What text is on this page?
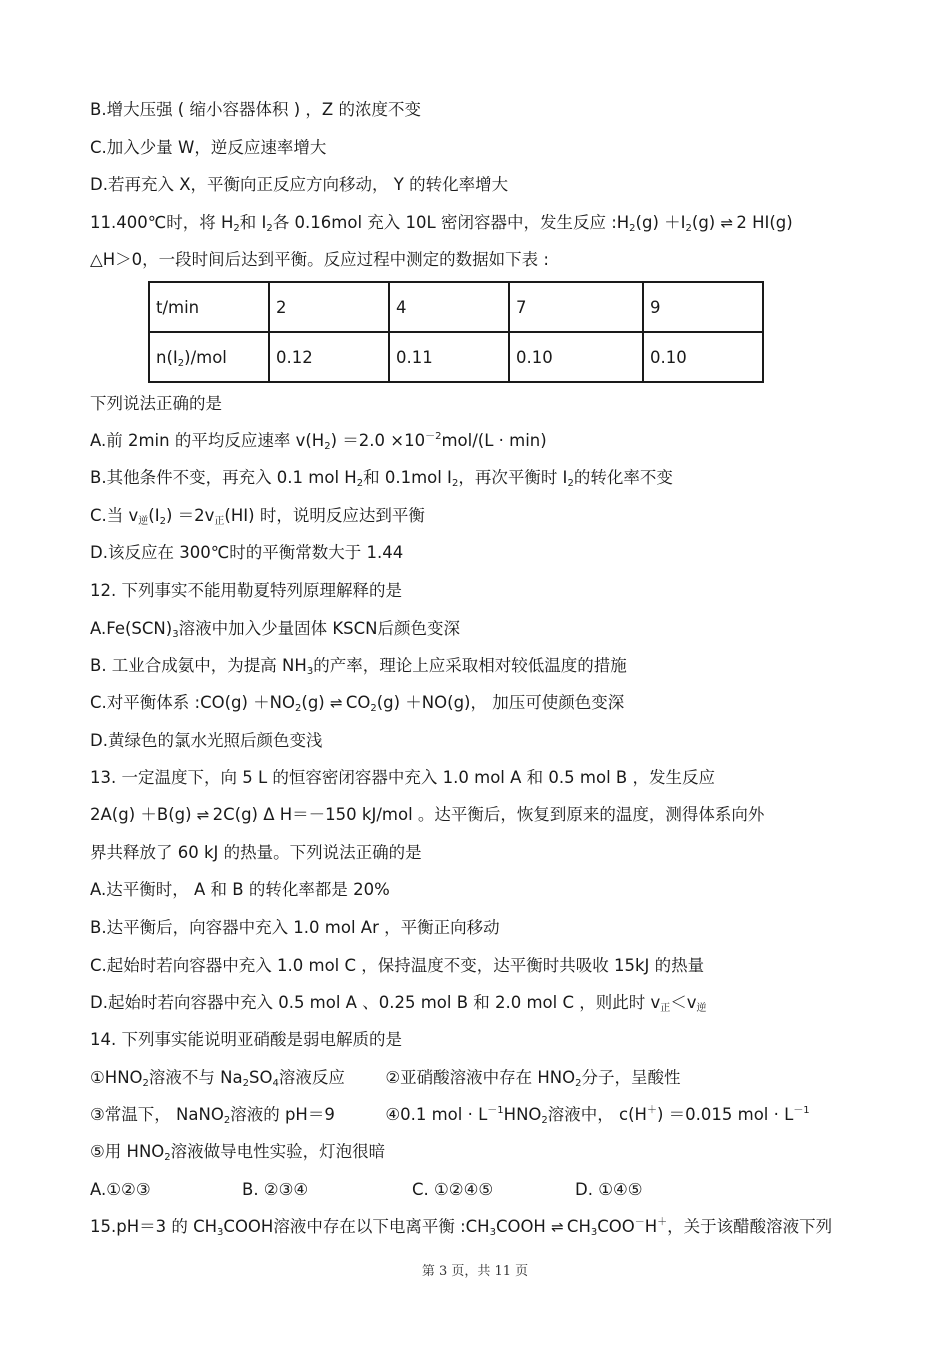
B.增大压强 ( 缩小容器体积 ) ，Z 的浓度不变
C.加入少量 W，逆反应速率增大
D.若再充入 X，平衡向正反应方向移动， Y 的转化率增大
11.400℃时，将 $H_2$和 $I_2$各 0.16mol 充入 10L 密闭容器中，发生反应 $:H_2(g) +I_2(g)$ ⇌ 2 HI(g)
△H＞0，一段时间后达到平衡。反应过程中测定的数据如下表 :
t/min	2	4	7	9
$n(I_2)$/mol	0.12	0.11	0.10	0.10
下列说法正确的是
A.前 2min 的平均反应速率 $v(H_2) =2.0 \times 10^{-2}mol/(L \cdot \min)$
B.其他条件不变，再充入 0.1 mol $H_2$和 0.1mol $I_2$，再次平衡时 $I_2$的转化率不变
C.当 $v_逆(I_2) =2v_正(HI)$ 时，说明反应达到平衡
D.该反应在 300℃时的平衡常数大于 1.44
12. 下列事实不能用勒夏特列原理解释的是
$A.Fe(SCN)_3$溶液中加入少量固体 KSCN后颜色变深
B. 工业合成氨中，为提高 $NH_3$的产率，理论上应采取相对较低温度的措施
C.对平衡体系 :CO(g) $+NO_2(g)$ ⇌ $CO_2(g) +NO(g)$， 加压可使颜色变深
D.黄绿色的氯水光照后颜色变浅
13. 一定温度下，向 5 L 的恒容密闭容器中充入 1.0 mol A 和 0.5 mol B ，发生反应
2A(g) ＋B(g) ⇌ 2C(g) Δ H＝－150 kJ/mol 。达平衡后，恢复到原来的温度，测得体系向外
界共释放了 60 kJ 的热量。下列说法正确的是
A.达平衡时， A 和 B 的转化率都是 20%
B.达平衡后，向容器中充入 1.0 mol Ar ，平衡正向移动
C.起始时若向容器中充入 1.0 mol C ，保持温度不变，达平衡时共吸收 15kJ 的热量
D.起始时若向容器中充入 0.5 mol A 、0.25 mol B 和 2.0 mol C ，则此时 $v_正<v_逆$
14. 下列事实能说明亚硝酸是弱电解质的是
$①HNO_2$溶液不与 $Na_2SO_4$溶液反应 ②亚硝酸溶液中存在 $HNO_2$分子，呈酸性
③常温下， NaNO$_2$溶液的 pH＝9	④0.1 mol · $L^{-1}HNO_2$溶液中， c(H＋) ＝0.015 mol · $L^{-1}$
⑤用 $HNO_2$溶液做导电性实验，灯泡很暗
A.①②③	B. ②③④	C. ①②④⑤	D. ①④⑤
15.pH＝3 的 $CH_3COOH$溶液中存在以下电离平衡 $:CH_3COOH$ ⇌ $CH_3COO^-H^+$，关于该醋酸溶液下列
第 3 页，共 11 页
